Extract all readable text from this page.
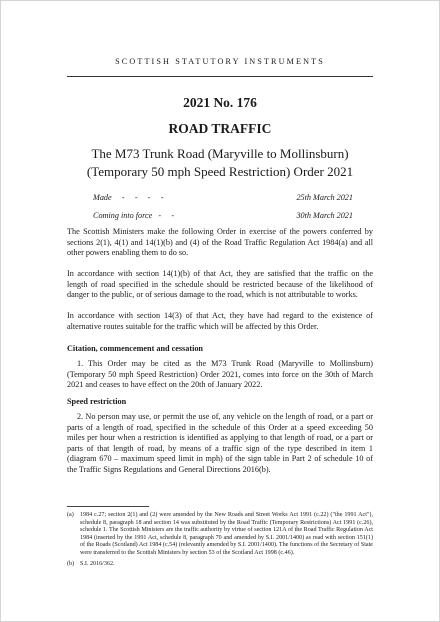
SCOTTISH STATUTORY INSTRUMENTS
2021 No. 176
ROAD TRAFFIC
The M73 Trunk Road (Maryville to Mollinsburn) (Temporary 50 mph Speed Restriction) Order 2021
Made     -     -     -     -	25th March 2021
Coming into force   -     -	30th March 2021
The Scottish Ministers make the following Order in exercise of the powers conferred by sections 2(1), 4(1) and 14(1)(b) and (4) of the Road Traffic Regulation Act 1984(a) and all other powers enabling them to do so.
In accordance with section 14(1)(b) of that Act, they are satisfied that the traffic on the length of road specified in the schedule should be restricted because of the likelihood of danger to the public, or of serious damage to the road, which is not attributable to works.
In accordance with section 14(3) of that Act, they have had regard to the existence of alternative routes suitable for the traffic which will be affected by this Order.
Citation, commencement and cessation
1. This Order may be cited as the M73 Trunk Road (Maryville to Mollinsburn) (Temporary 50 mph Speed Restriction) Order 2021, comes into force on the 30th of March 2021 and ceases to have effect on the 20th of January 2022.
Speed restriction
2. No person may use, or permit the use of, any vehicle on the length of road, or a part or parts of a length of road, specified in the schedule of this Order at a speed exceeding 50 miles per hour when a restriction is identified as applying to that length of road, or a part or parts of that length of road, by means of a traffic sign of the type described in item 1 (diagram 670 – maximum speed limit in mph) of the sign table in Part 2 of schedule 10 of the Traffic Signs Regulations and General Directions 2016(b).
(a) 1984 c.27; section 2(1) and (2) were amended by the New Roads and Street Works Act 1991 (c.22) ("the 1991 Act"), schedule 8, paragraph 18 and section 14 was substituted by the Road Traffic (Temporary Restrictions) Act 1991 (c.26), schedule 1. The Scottish Ministers are the traffic authority by virtue of section 121A of the Road Traffic Regulation Act 1984 (inserted by the 1991 Act, schedule 8, paragraph 70 and amended by S.I. 2001/1400) as read with section 151(1) of the Roads (Scotland) Act 1984 (c.54) (relevantly amended by S.I. 2001/1400). The functions of the Secretary of State were transferred to the Scottish Ministers by section 53 of the Scotland Act 1998 (c.46).
(b) S.I. 2016/362.
